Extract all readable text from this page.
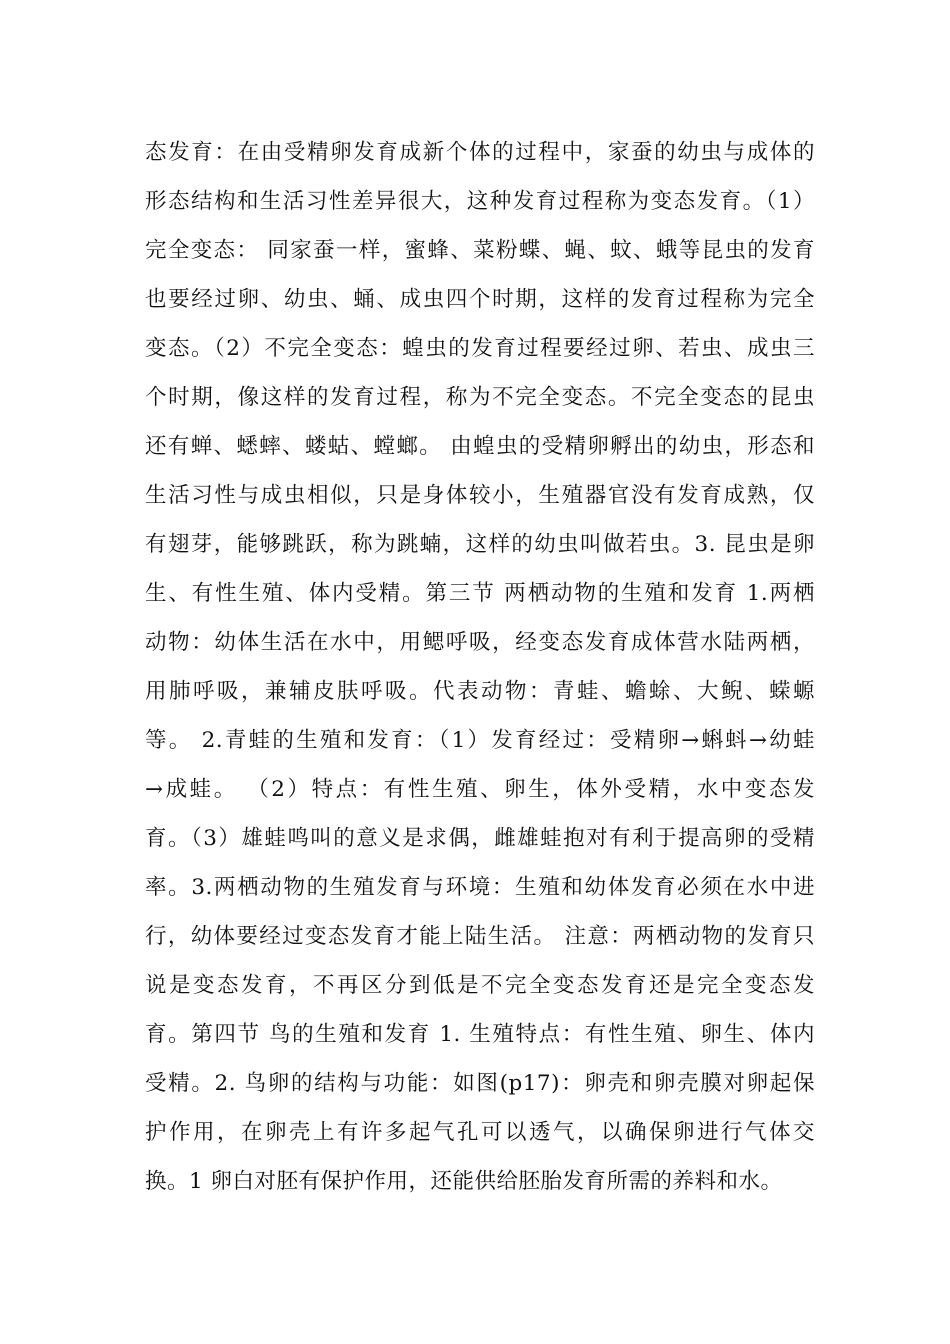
态发育：在由受精卵发育成新个体的过程中，家蚕的幼虫与成体的
形态结构和生活习性差异很大，这种发育过程称为变态发育。（1）
完全变态： 同家蚕一样，蜜蜂、菜粉蝶、蝇、蚊、蛾等昆虫的发育
也要经过卵、幼虫、蛹、成虫四个时期，这样的发育过程称为完全
变态。（2）不完全变态：蝗虫的发育过程要经过卵、若虫、成虫三
个时期，像这样的发育过程，称为不完全变态。不完全变态的昆虫
还有蝉、蟋蟀、蝼蛄、螳螂。 由蝗虫的受精卵孵出的幼虫，形态和
生活习性与成虫相似，只是身体较小，生殖器官没有发育成熟，仅
有翅芽，能够跳跃，称为跳蝻，这样的幼虫叫做若虫。3. 昆虫是卵
生、有性生殖、体内受精。第三节 两栖动物的生殖和发育 1.两栖
动物：幼体生活在水中，用鳃呼吸，经变态发育成体营水陆两栖，
用肺呼吸，兼辅皮肤呼吸。代表动物：青蛙、蟾蜍、大鲵、蝾螈
等。 2.青蛙的生殖和发育：（1）发育经过：受精卵→蝌蚪→幼蛙
→成蛙。 （2）特点：有性生殖、卵生，体外受精，水中变态发
育。（3）雄蛙鸣叫的意义是求偶，雌雄蛙抱对有利于提高卵的受精
率。3.两栖动物的生殖发育与环境：生殖和幼体发育必须在水中进
行，幼体要经过变态发育才能上陆生活。 注意：两栖动物的发育只
说是变态发育，不再区分到低是不完全变态发育还是完全变态发
育。第四节 鸟的生殖和发育 1. 生殖特点：有性生殖、卵生、体内
受精。2. 鸟卵的结构与功能：如图(p17)：卵壳和卵壳膜对卵起保
护作用，在卵壳上有许多起气孔可以透气，以确保卵进行气体交
换。1 卵白对胚有保护作用，还能供给胚胎发育所需的养料和水。
